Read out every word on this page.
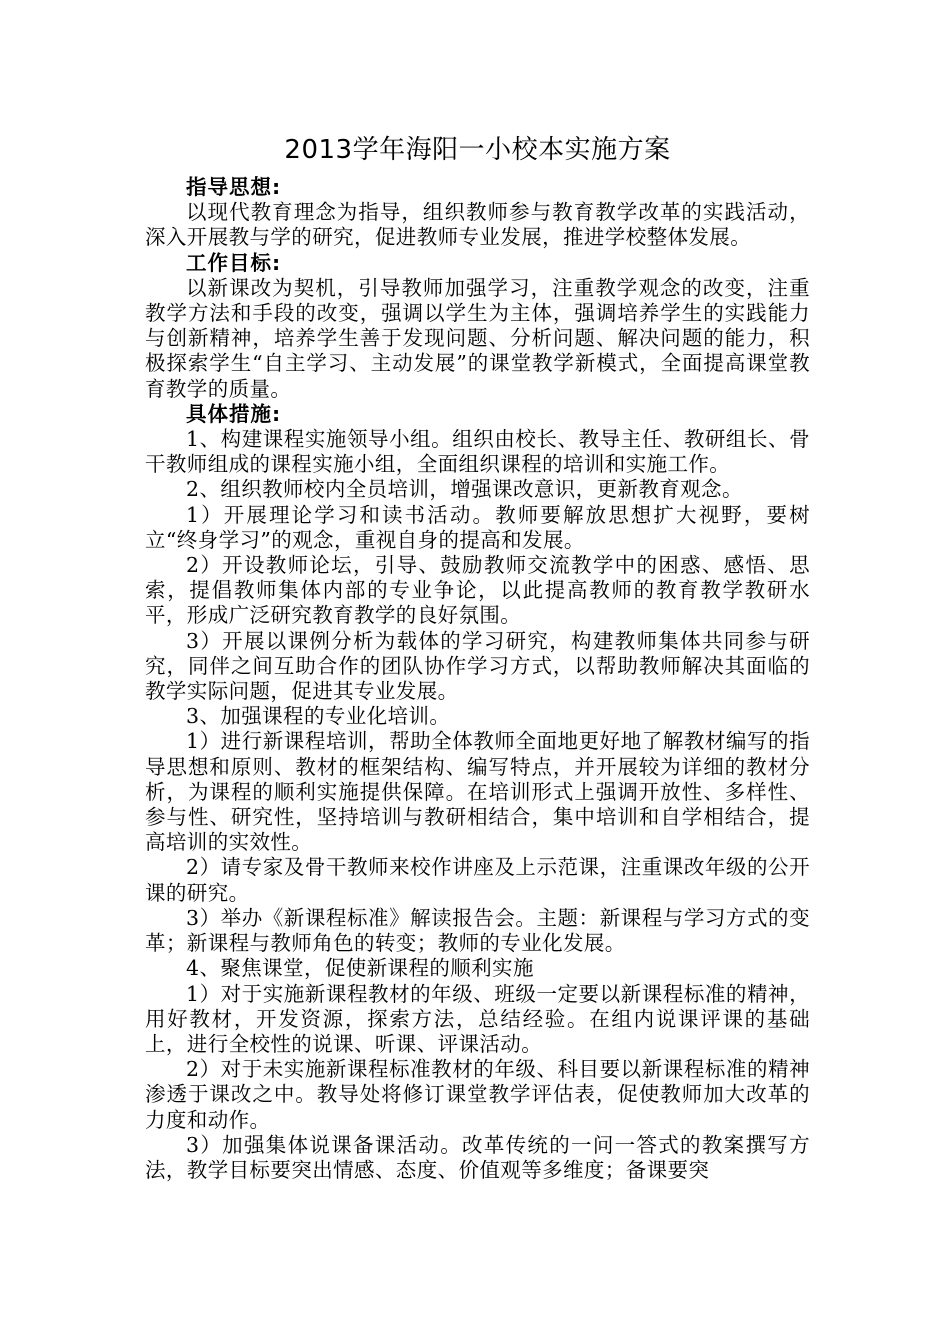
2013学年海阳一小校本实施方案

指导思想:

以现代教育理念为指导，组织教师参与教育教学改革的实践活动，深入开展教与学的研究，促进教师专业发展，推进学校整体发展。

工作目标:

以新课改为契机，引导教师加强学习，注重教学观念的改变，注重教学方法和手段的改变，强调以学生为主体，强调培养学生的实践能力与创新精神，培养学生善于发现问题、分析问题、解决问题的能力，积极探索学生“自主学习、主动发展”的课堂教学新模式，全面提高课堂教育教学的质量。

具体措施:

1、构建课程实施领导小组。组织由校长、教导主任、教研组长、骨干教师组成的课程实施小组，全面组织课程的培训和实施工作。

2、组织教师校内全员培训，增强课改意识，更新教育观念。

1）开展理论学习和读书活动。教师要解放思想扩大视野，要树立“终身学习”的观念，重视自身的提高和发展。

2）开设教师论坛，引导、鼓励教师交流教学中的困惑、感悟、思索，提倡教师集体内部的专业争论，以此提高教师的教育教学教研水平，形成广泛研究教育教学的良好氛围。

3）开展以课例分析为载体的学习研究，构建教师集体共同参与研究，同伴之间互助合作的团队协作学习方式，以帮助教师解决其面临的教学实际问题，促进其专业发展。

3、加强课程的专业化培训。

1）进行新课程培训，帮助全体教师全面地更好地了解教材编写的指导思想和原则、教材的框架结构、编写特点，并开展较为详细的教材分析，为课程的顺利实施提供保障。在培训形式上强调开放性、多样性、参与性、研究性，坚持培训与教研相结合，集中培训和自学相结合，提高培训的实效性。

2）请专家及骨干教师来校作讲座及上示范课，注重课改年级的公开课的研究。

3）举办《新课程标准》解读报告会。主题：新课程与学习方式的变革；新课程与教师角色的转变；教师的专业化发展。

4、聚焦课堂，促使新课程的顺利实施

1）对于实施新课程教材的年级、班级一定要以新课程标准的精神，用好教材，开发资源，探索方法，总结经验。在组内说课评课的基础上，进行全校性的说课、听课、评课活动。

2）对于未实施新课程标准教材的年级、科目要以新课程标准的精神渗透于课改之中。教导处将修订课堂教学评估表，促使教师加大改革的力度和动作。

3）加强集体说课备课活动。改革传统的一问一答式的教案撰写方法，教学目标要突出情感、态度、价值观等多维度；备课要突
